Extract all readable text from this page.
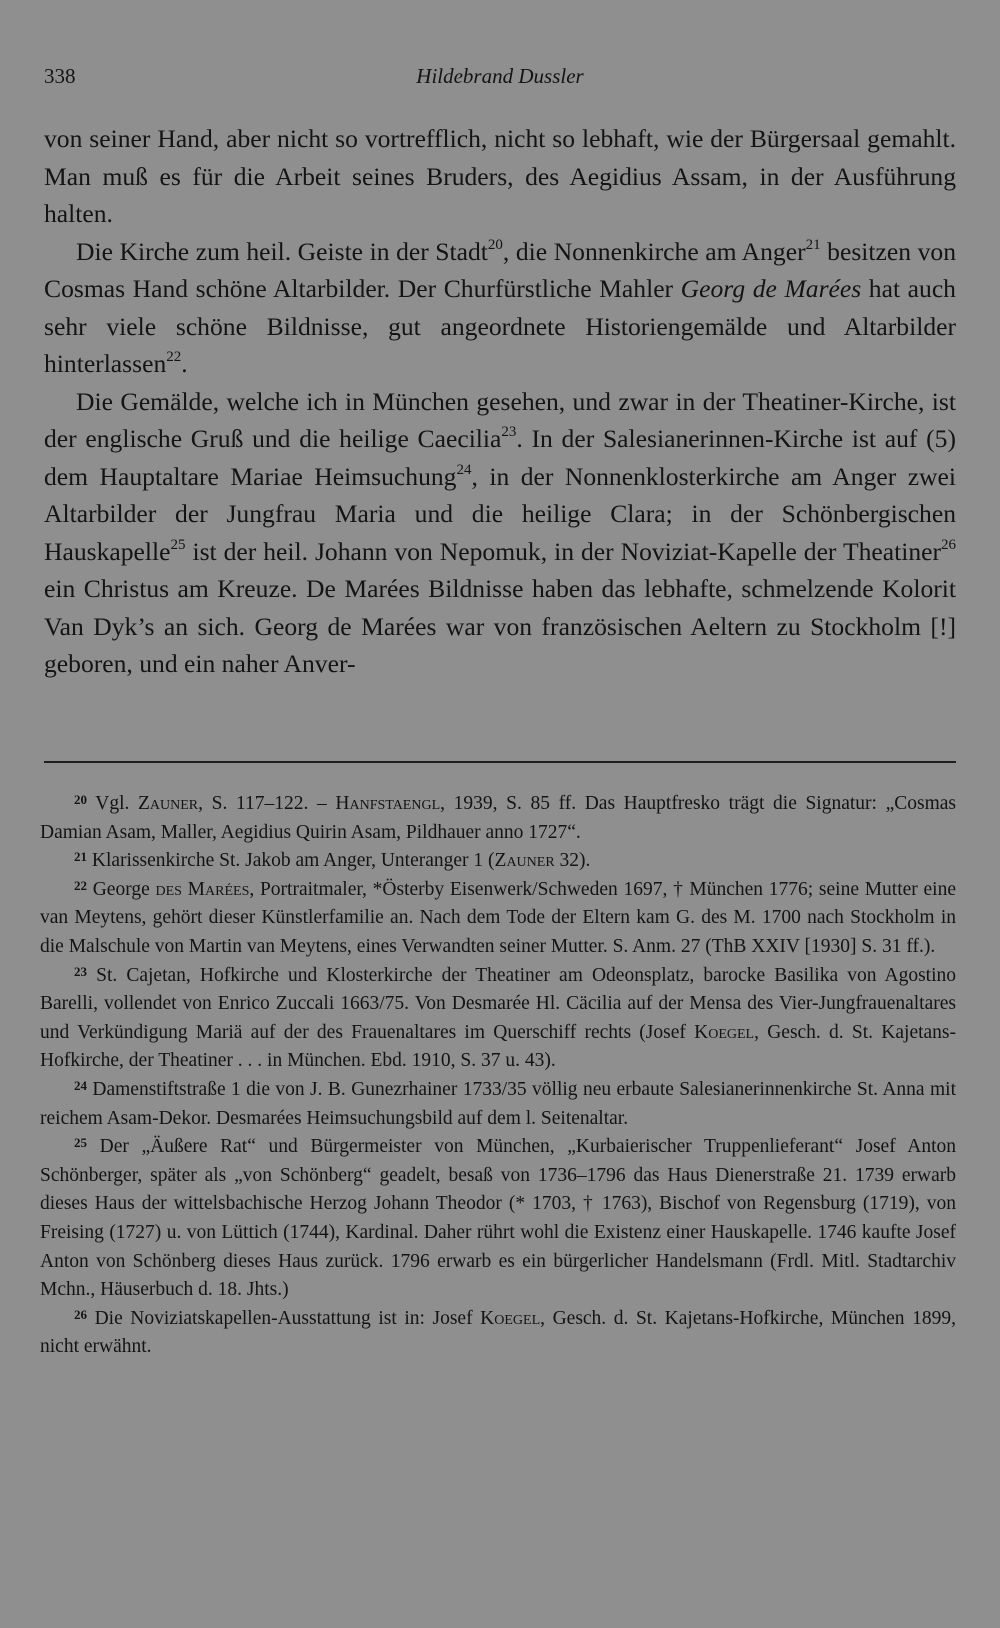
338	Hildebrand Dussler

von seiner Hand, aber nicht so vortrefflich, nicht so lebhaft, wie der Bürgersaal gemahlt. Man muß es für die Arbeit seines Bruders, des Aegidius Assam, in der Ausführung halten.

Die Kirche zum heil. Geiste in der Stadt$^{20}$, die Nonnenkirche am Anger$^{21}$ besitzen von Cosmas Hand schöne Altarbilder. Der Churfürstliche Mahler Georg de Marées hat auch sehr viele schöne Bildnisse, gut angeordnete Historiengemälde und Altarbilder hinterlassen$^{22}$.

Die Gemälde, welche ich in München gesehen, und zwar in der Theatiner-Kirche, ist der englische Gruß und die heilige Caecilia$^{23}$. In der Salesianerinnen-Kirche ist auf (5) dem Hauptaltare Mariae Heimsuchung$^{24}$, in der Nonnenklosterkirche am Anger zwei Altarbilder der Jungfrau Maria und die heilige Clara; in der Schönbergischen Hauskapelle$^{25}$ ist der heil. Johann von Nepomuk, in der Noviziat-Kapelle der Theatiner$^{26}$ ein Christus am Kreuze. De Marées Bildnisse haben das lebhafte, schmelzende Kolorit Van Dyk’s an sich. Georg de Marées war von französischen Aeltern zu Stockholm [!] geboren, und ein naher Anver-

$^{20}$ Vgl. Zauner, S. 117–122. – Hanfstaengl, 1939, S. 85 ff. Das Hauptfresko trägt die Signatur: „Cosmas Damian Asam, Maller, Aegidius Quirin Asam, Pildhauer anno 1727“.

$^{21}$ Klarissenkirche St. Jakob am Anger, Unteranger 1 (Zauner 32).

$^{22}$ George des Marées, Portraitmaler, *Österby Eisenwerk/Schweden 1697, † München 1776; seine Mutter eine van Meytens, gehört dieser Künstlerfamilie an. Nach dem Tode der Eltern kam G. des M. 1700 nach Stockholm in die Malschule von Martin van Meytens, eines Verwandten seiner Mutter. S. Anm. 27 (ThB XXIV [1930] S. 31 ff.).

$^{23}$ St. Cajetan, Hofkirche und Klosterkirche der Theatiner am Odeonsplatz, barocke Basilika von Agostino Barelli, vollendet von Enrico Zuccali 1663/75. Von Desmarée Hl. Cäcilia auf der Mensa des Vier-Jungfrauenaltares und Verkündigung Mariä auf der des Frauenaltares im Querschiff rechts (Josef Koegel, Gesch. d. St. Kajetans-Hofkirche, der Theatiner . . . in München. Ebd. 1910, S. 37 u. 43).

$^{24}$ Damenstiftstraße 1 die von J. B. Gunezrhainer 1733/35 völlig neu erbaute Salesianerinnenkirche St. Anna mit reichem Asam-Dekor. Desmarées Heimsuchungsbild auf dem l. Seitenaltar.

$^{25}$ Der „Äußere Rat“ und Bürgermeister von München, „Kurbaierischer Truppenlieferant“ Josef Anton Schönberger, später als „von Schönberg“ geadelt, besaß von 1736–1796 das Haus Dienerstraße 21. 1739 erwarb dieses Haus der wittelsbachische Herzog Johann Theodor (* 1703, † 1763), Bischof von Regensburg (1719), von Freising (1727) u. von Lüttich (1744), Kardinal. Daher rührt wohl die Existenz einer Hauskapelle. 1746 kaufte Josef Anton von Schönberg dieses Haus zurück. 1796 erwarb es ein bürgerlicher Handelsmann (Frdl. Mitl. Stadtarchiv Mchn., Häuserbuch d. 18. Jhts.)

$^{26}$ Die Noviziatskapellen-Ausstattung ist in: Josef Koegel, Gesch. d. St. Kajetans-Hofkirche, München 1899, nicht erwähnt.
